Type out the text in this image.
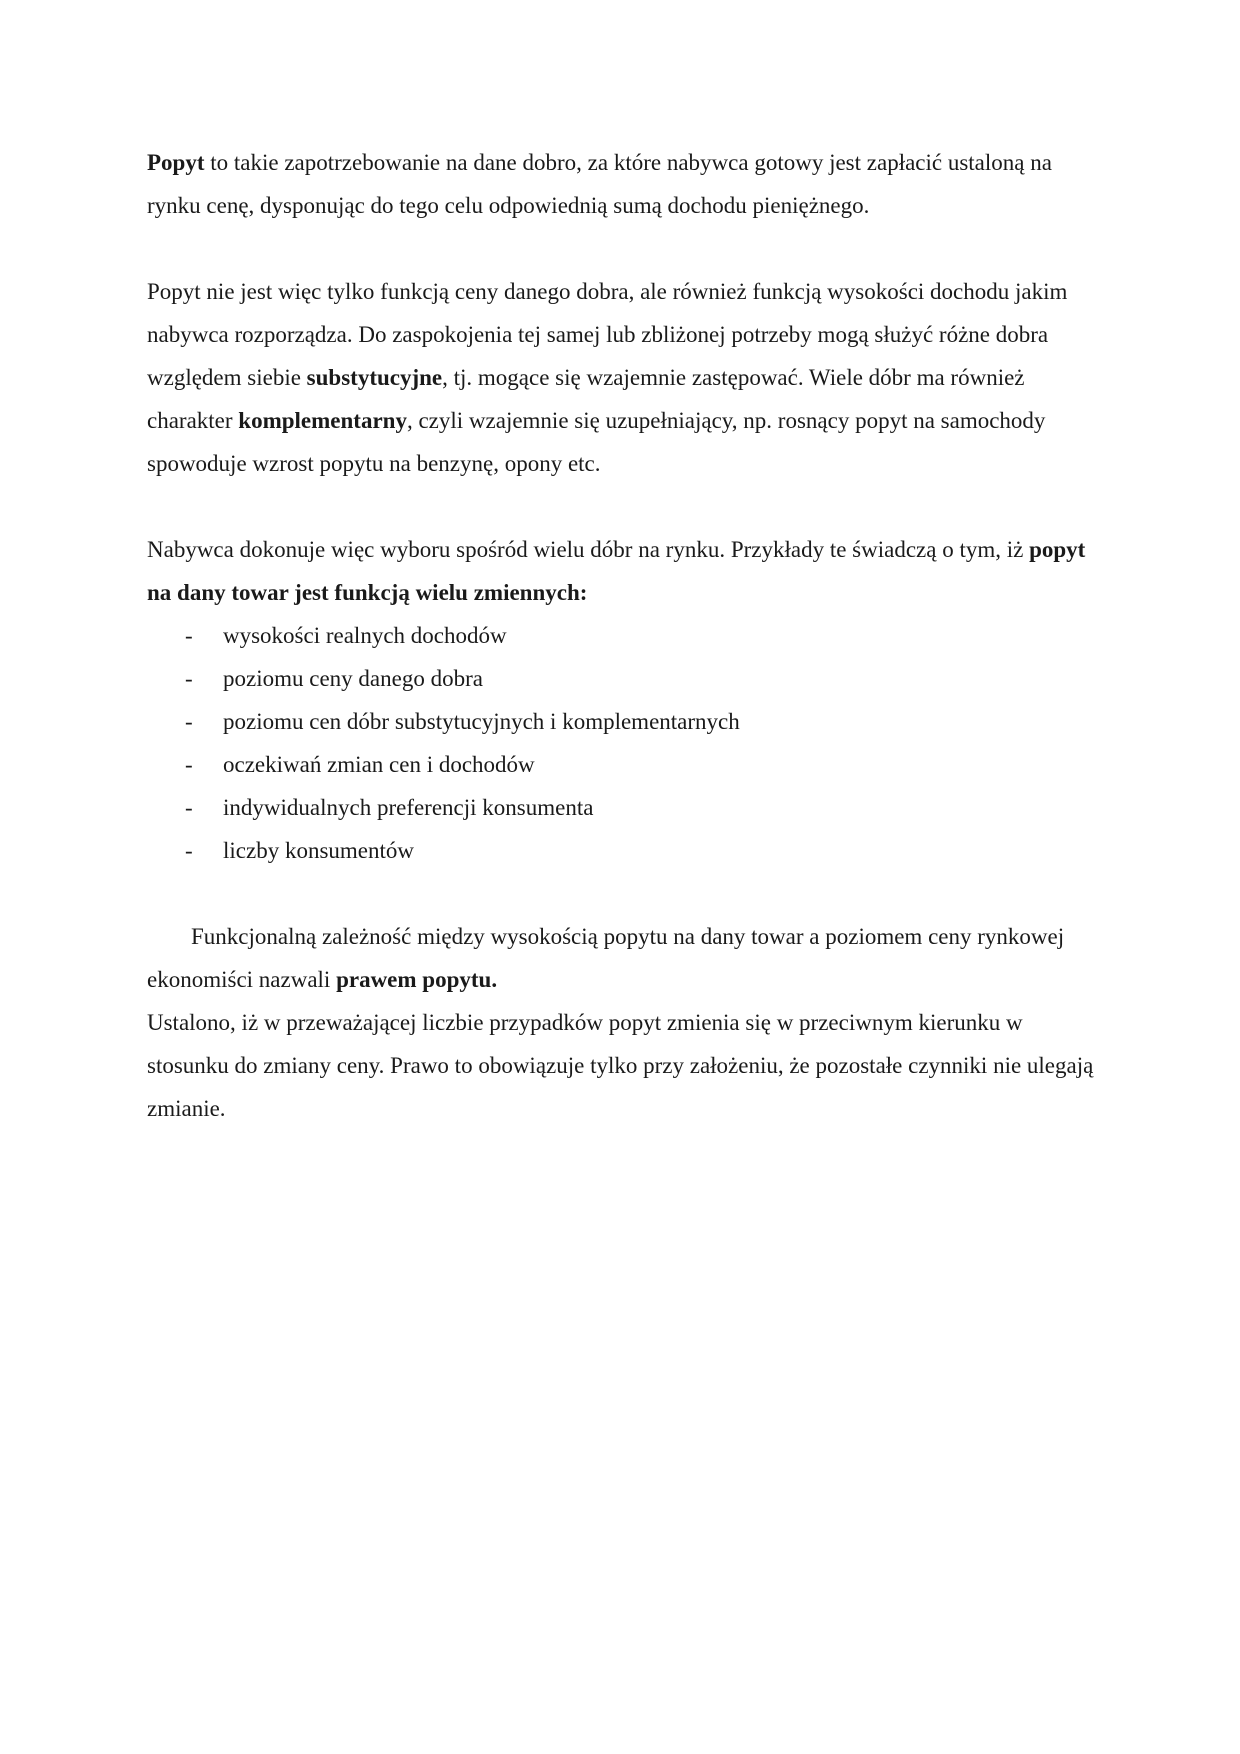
Popyt to takie zapotrzebowanie na dane dobro, za które nabywca gotowy jest zapłacić ustaloną na rynku cenę, dysponując do tego celu odpowiednią sumą dochodu pieniężnego.

Popyt nie jest więc tylko funkcją ceny danego dobra, ale również funkcją wysokości dochodu jakim nabywca rozporządza. Do zaspokojenia tej samej lub zbliżonej potrzeby mogą służyć różne dobra względem siebie substytucyjne, tj. mogące się wzajemnie zastępować. Wiele dóbr ma również charakter komplementarny, czyli wzajemnie się uzupełniający, np. rosnący popyt na samochody spowoduje wzrost popytu na benzynę, opony etc.

Nabywca dokonuje więc wyboru spośród wielu dóbr na rynku. Przykłady te świadczą o tym, iż popyt na dany towar jest funkcją wielu zmiennych:

- wysokości realnych dochodów
- poziomu ceny danego dobra
- poziomu cen dóbr substytucyjnych i komplementarnych
- oczekiwań zmian cen i dochodów
- indywidualnych preferencji konsumenta
- liczby konsumentów

Funkcjonalną zależność między wysokością popytu na dany towar a poziomem ceny rynkowej ekonomiści nazwali prawem popytu.

Ustalono, iż w przeważającej liczbie przypadków popyt zmienia się w przeciwnym kierunku w stosunku do zmiany ceny. Prawo to obowiązuje tylko przy założeniu, że pozostałe czynniki nie ulegają zmianie.
